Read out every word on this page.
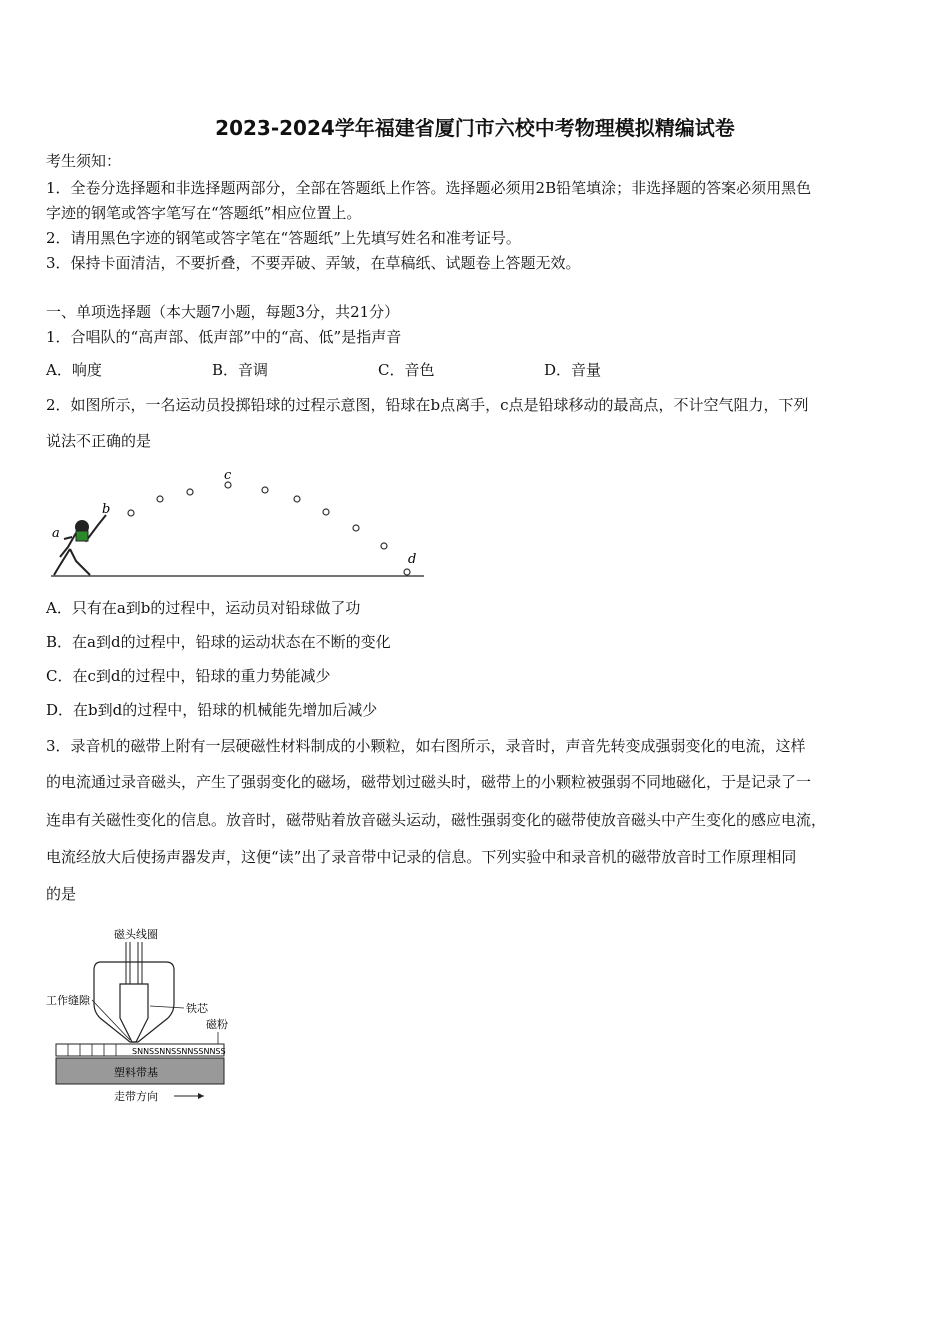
2023-2024学年福建省厦门市六校中考物理模拟精编试卷
考生须知：
1．全卷分选择题和非选择题两部分，全部在答题纸上作答。选择题必须用2B铅笔填涂；非选择题的答案必须用黑色
字迹的钢笔或答字笔写在“答题纸”相应位置上。
2．请用黑色字迹的钢笔或答字笔在“答题纸”上先填写姓名和准考证号。
3．保持卡面清洁，不要折叠，不要弄破、弄皱，在草稿纸、试题卷上答题无效。
一、单项选择题（本大题7小题，每题3分，共21分）
1．合唱队的“高声部、低声部”中的“高、低”是指声音
A．响度	B．音调	C．音色	D．音量
2．如图所示，一名运动员投掷铅球的过程示意图，铅球在b点离手，c点是铅球移动的最高点，不计空气阻力，下列
说法不正确的是
a
b
c
d
A．只有在a到b的过程中，运动员对铅球做了功
B．在a到d的过程中，铅球的运动状态在不断的变化
C．在c到d的过程中，铅球的重力势能减少
D．在b到d的过程中，铅球的机械能先增加后减少
3．录音机的磁带上附有一层硬磁性材料制成的小颗粒，如右图所示，录音时，声音先转变成强弱变化的电流，这样
的电流通过录音磁头，产生了强弱变化的磁场，磁带划过磁头时，磁带上的小颗粒被强弱不同地磁化，于是记录了一
连串有关磁性变化的信息。放音时，磁带贴着放音磁头运动，磁性强弱变化的磁带使放音磁头中产生变化的感应电流，
电流经放大后使扬声器发声，这便“读”出了录音带中记录的信息。下列实验中和录音机的磁带放音时工作原理相同
的是
磁头线圈
工作缝隙
铁芯
磁粉
SNNSSNNSSNNSSNNSS
塑料带基
走带方向
